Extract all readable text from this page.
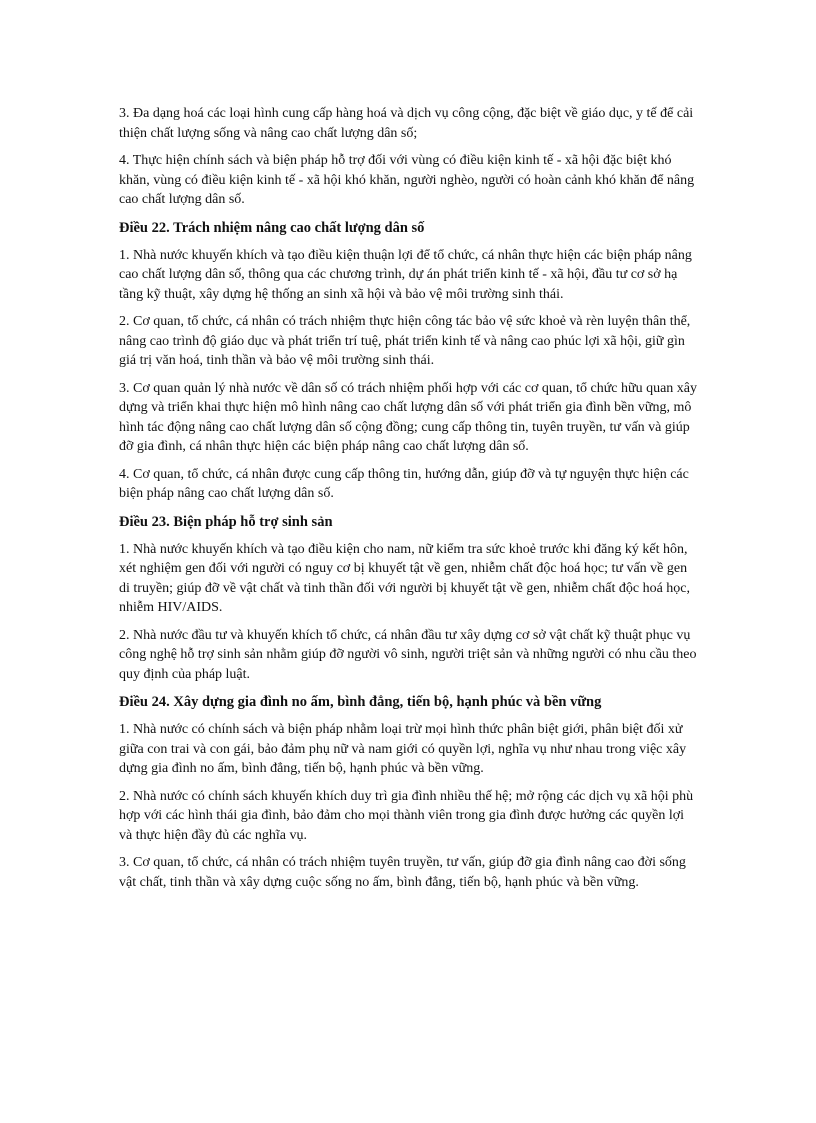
3. Đa dạng hoá các loại hình cung cấp hàng hoá và dịch vụ công cộng, đặc biệt về giáo dục, y tế để cải thiện chất lượng sống và nâng cao chất lượng dân số;

4. Thực hiện chính sách và biện pháp hỗ trợ đối với vùng có điều kiện kinh tế - xã hội đặc biệt khó khăn, vùng có điều kiện kinh tế - xã hội khó khăn, người nghèo, người có hoàn cảnh khó khăn để nâng cao chất lượng dân số.

Điều 22. Trách nhiệm nâng cao chất lượng dân số

1. Nhà nước khuyến khích và tạo điều kiện thuận lợi để tổ chức, cá nhân thực hiện các biện pháp nâng cao chất lượng dân số, thông qua các chương trình, dự án phát triển kinh tế - xã hội, đầu tư cơ sở hạ tầng kỹ thuật, xây dựng hệ thống an sinh xã hội và bảo vệ môi trường sinh thái.

2. Cơ quan, tổ chức, cá nhân có trách nhiệm thực hiện công tác bảo vệ sức khoẻ và rèn luyện thân thể, nâng cao trình độ giáo dục và phát triển trí tuệ, phát triển kinh tế và nâng cao phúc lợi xã hội, giữ gìn giá trị văn hoá, tinh thần và bảo vệ môi trường sinh thái.

3. Cơ quan quản lý nhà nước về dân số có trách nhiệm phối hợp với các cơ quan, tổ chức hữu quan xây dựng và triển khai thực hiện mô hình nâng cao chất lượng dân số với phát triển gia đình bền vững, mô hình tác động nâng cao chất lượng dân số cộng đồng; cung cấp thông tin, tuyên truyền, tư vấn và giúp đỡ gia đình, cá nhân thực hiện các biện pháp nâng cao chất lượng dân số.

4. Cơ quan, tổ chức, cá nhân được cung cấp thông tin, hướng dẫn, giúp đỡ và tự nguyện thực hiện các biện pháp nâng cao chất lượng dân số.

Điều 23. Biện pháp hỗ trợ sinh sản

1. Nhà nước khuyến khích và tạo điều kiện cho nam, nữ kiểm tra sức khoẻ trước khi đăng ký kết hôn, xét nghiệm gen đối với người có nguy cơ bị khuyết tật về gen, nhiễm chất độc hoá học; tư vấn về gen di truyền; giúp đỡ về vật chất và tinh thần đối với người bị khuyết tật về gen, nhiễm chất độc hoá học, nhiễm HIV/AIDS.

2. Nhà nước đầu tư và khuyến khích tổ chức, cá nhân đầu tư xây dựng cơ sở vật chất kỹ thuật phục vụ công nghệ hỗ trợ sinh sản nhằm giúp đỡ người vô sinh, người triệt sản và những người có nhu cầu theo quy định của pháp luật.

Điều 24. Xây dựng gia đình no ấm, bình đẳng, tiến bộ, hạnh phúc và bền vững

1. Nhà nước có chính sách và biện pháp nhằm loại trừ mọi hình thức phân biệt giới, phân biệt đối xử giữa con trai và con gái, bảo đảm phụ nữ và nam giới có quyền lợi, nghĩa vụ như nhau trong việc xây dựng gia đình no ấm, bình đẳng, tiến bộ, hạnh phúc và bền vững.

2. Nhà nước có chính sách khuyến khích duy trì gia đình nhiều thế hệ; mở rộng các dịch vụ xã hội phù hợp với các hình thái gia đình, bảo đảm cho mọi thành viên trong gia đình được hưởng các quyền lợi và thực hiện đầy đủ các nghĩa vụ.

3. Cơ quan, tổ chức, cá nhân có trách nhiệm tuyên truyền, tư vấn, giúp đỡ gia đình nâng cao đời sống vật chất, tinh thần và xây dựng cuộc sống no ấm, bình đẳng, tiến bộ, hạnh phúc và bền vững.
